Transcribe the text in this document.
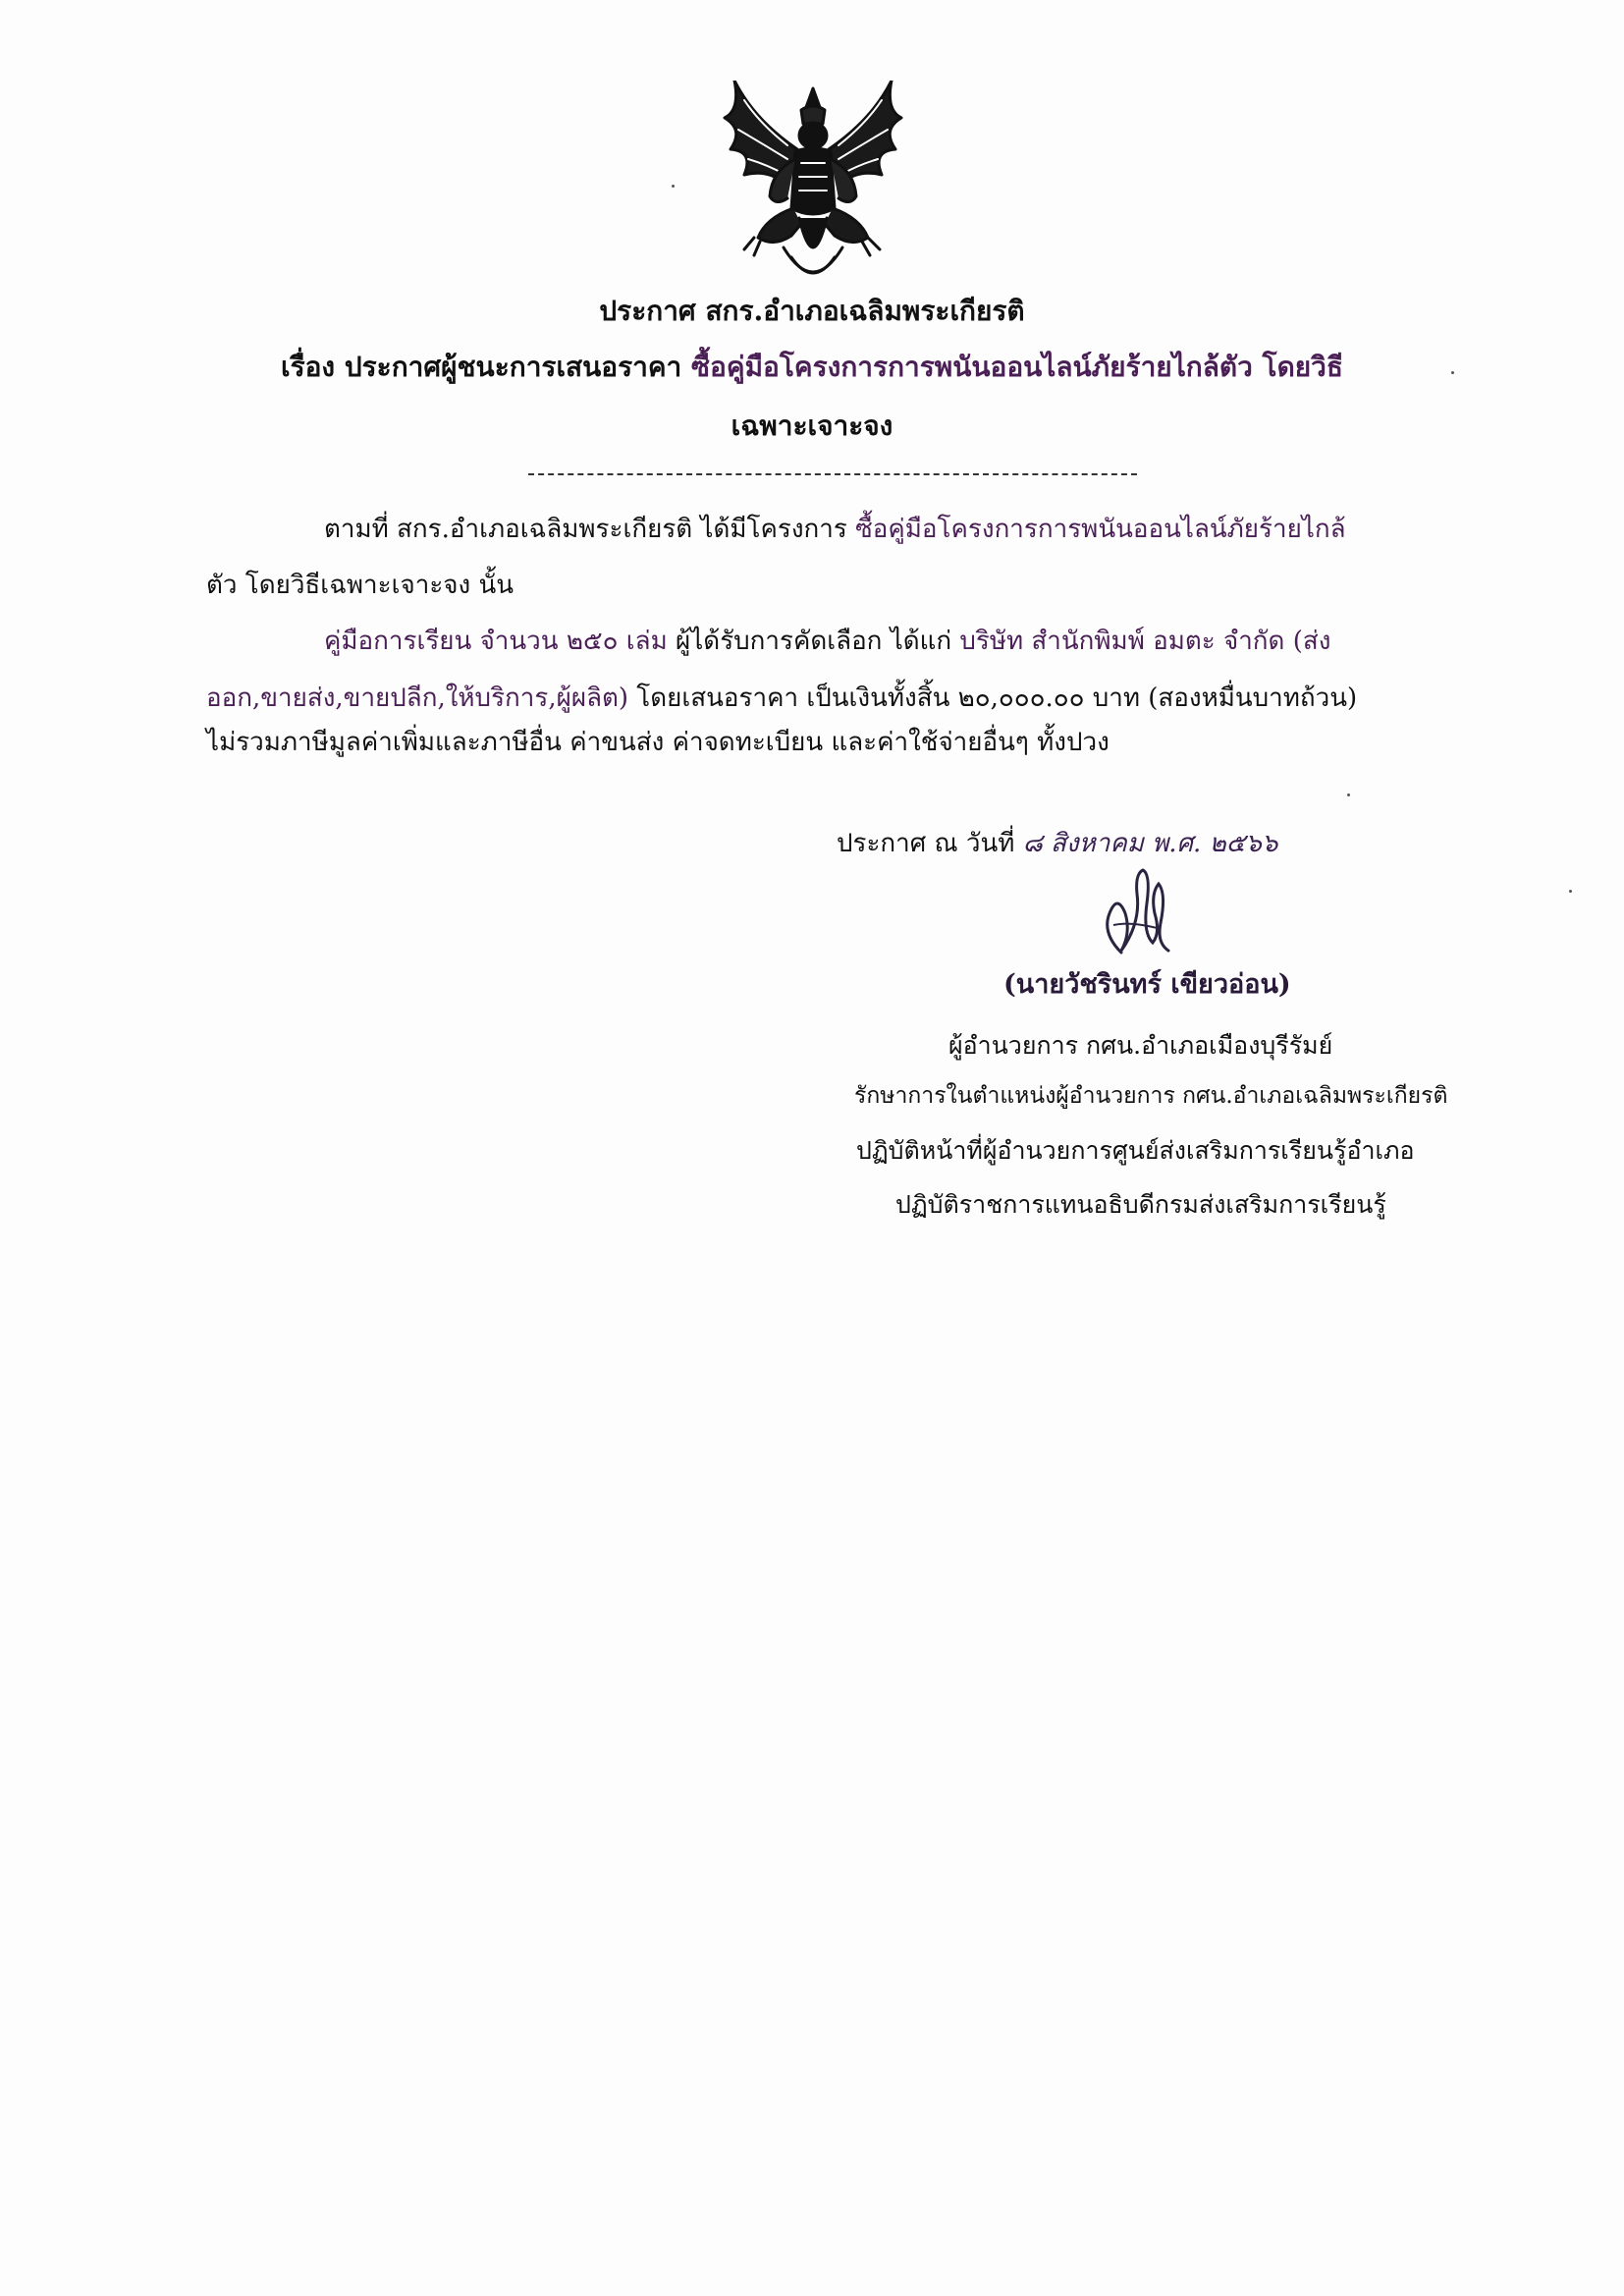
ประกาศ สกร.อำเภอเฉลิมพระเกียรติ
เรื่อง ประกาศผู้ชนะการเสนอราคา ซื้อคู่มือโครงการการพนันออนไลน์ภัยร้ายไกล้ตัว โดยวิธี
เฉพาะเจาะจง
ตามที่ สกร.อำเภอเฉลิมพระเกียรติ ได้มีโครงการ ซื้อคู่มือโครงการการพนันออนไลน์ภัยร้ายไกล้
ตัว โดยวิธีเฉพาะเจาะจง นั้น
คู่มือการเรียน จำนวน ๒๕๐ เล่ม ผู้ได้รับการคัดเลือก ได้แก่ บริษัท สำนักพิมพ์ อมตะ จำกัด (ส่ง
ออก,ขายส่ง,ขายปลีก,ให้บริการ,ผู้ผลิต) โดยเสนอราคา เป็นเงินทั้งสิ้น ๒๐,๐๐๐.๐๐ บาท (สองหมื่นบาทถ้วน)
ไม่รวมภาษีมูลค่าเพิ่มและภาษีอื่น ค่าขนส่ง ค่าจดทะเบียน และค่าใช้จ่ายอื่นๆ ทั้งปวง
ประกาศ ณ วันที่ ๘ สิงหาคม พ.ศ. ๒๕๖๖
(นายวัชรินทร์ เขียวอ่อน)
ผู้อำนวยการ กศน.อำเภอเมืองบุรีรัมย์
รักษาการในตำแหน่งผู้อำนวยการ กศน.อำเภอเฉลิมพระเกียรติ
ปฏิบัติหน้าที่ผู้อำนวยการศูนย์ส่งเสริมการเรียนรู้อำเภอ
ปฏิบัติราชการแทนอธิบดีกรมส่งเสริมการเรียนรู้
